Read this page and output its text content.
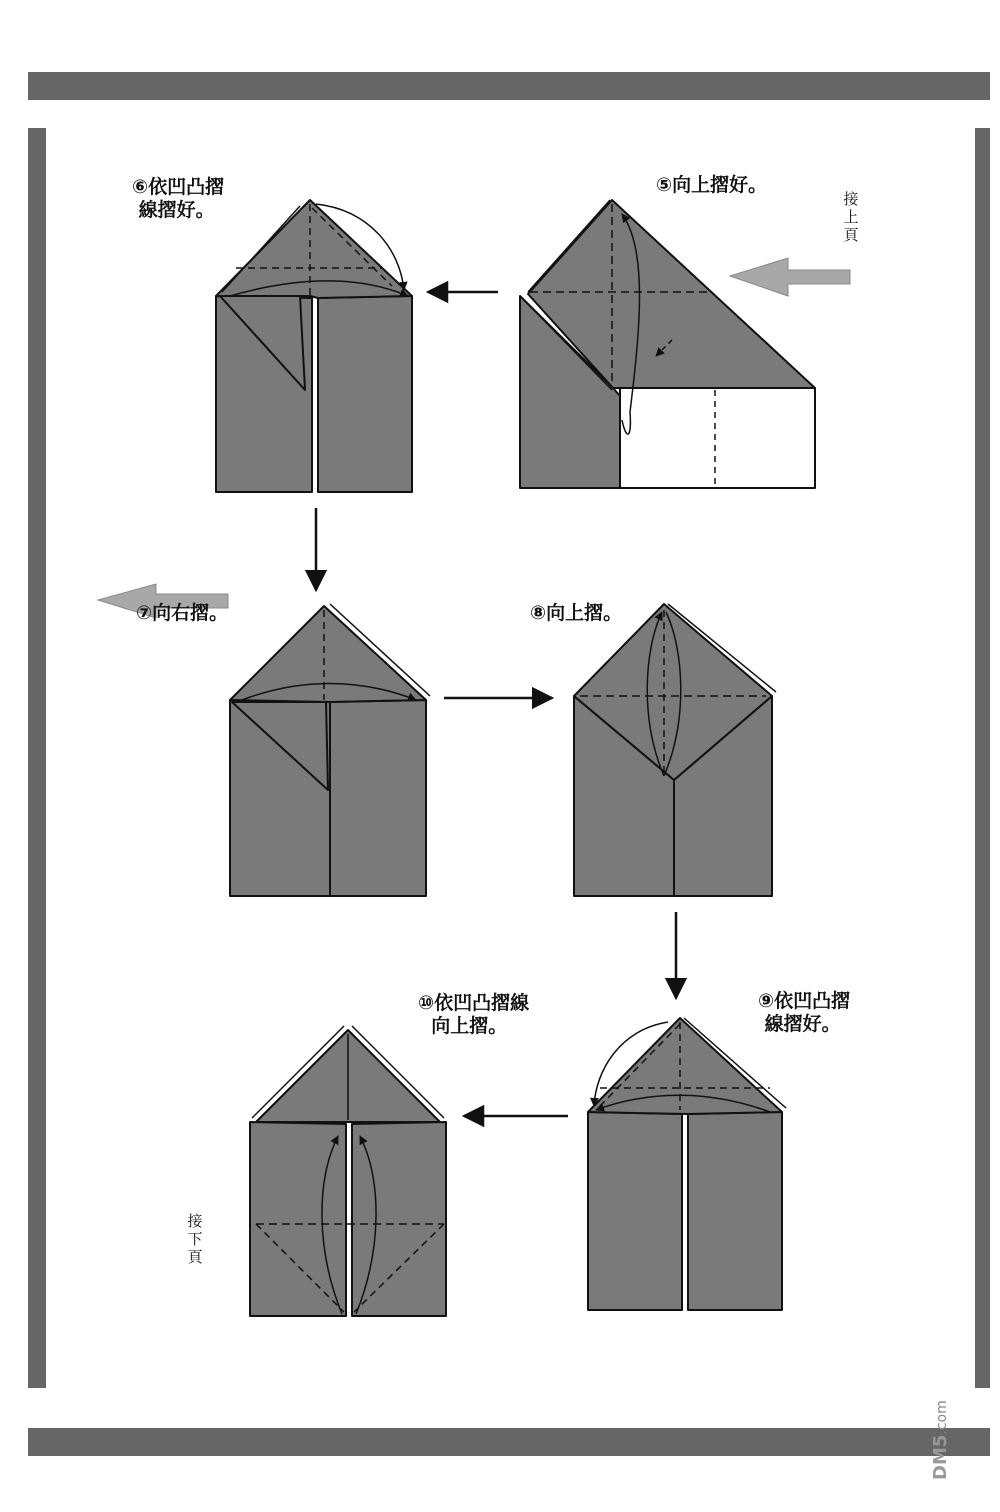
⑥依凹凸摺
線摺好。
⑤向上摺好。
⑦向右摺。	⑧向上摺。
⑩依凹凸摺線
向上摺。
⑨依凹凸摺
線摺好。
接上頁
接下頁
DM5.com
